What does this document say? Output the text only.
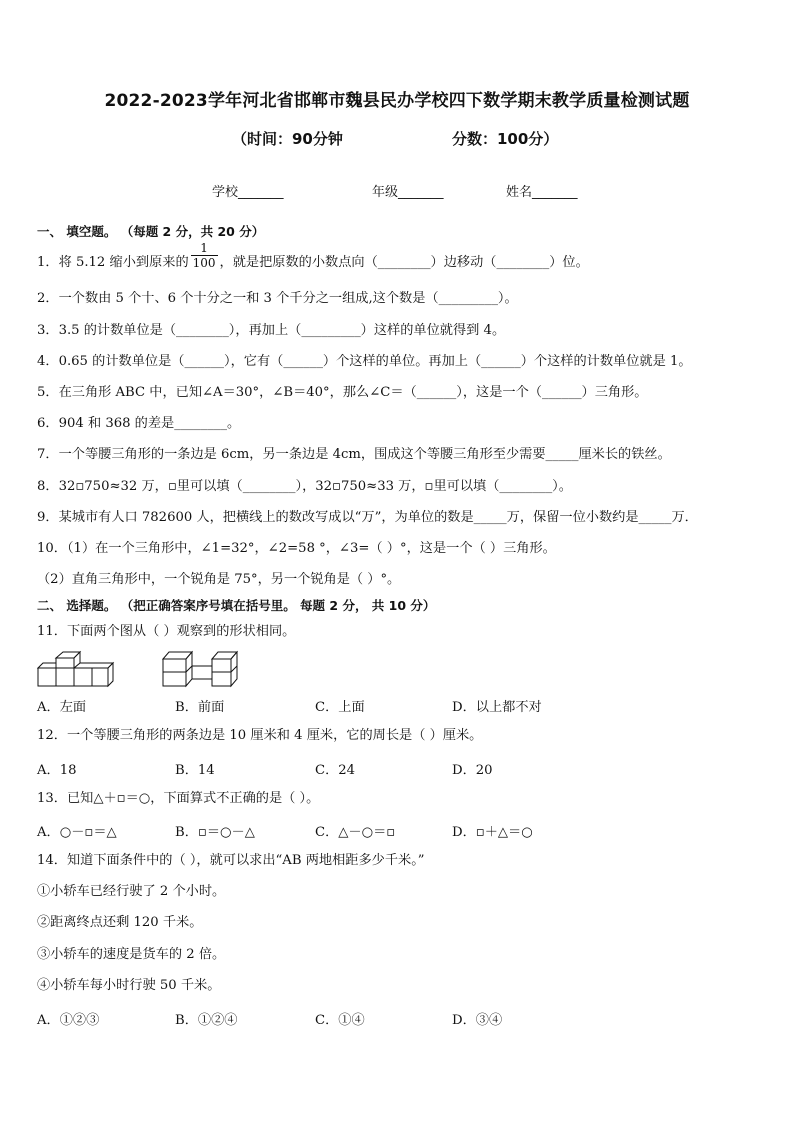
2022-2023学年河北省邯郸市魏县民办学校四下数学期末教学质量检测试题
（时间：90分钟	分数：100分）
学校_______	年级_______	姓名_______
一、 填空题。 （每题 2 分，共 20 分）
1．将 5.12 缩小到原来的 $\frac{1}{100}$ ，就是把原数的小数点向（________）边移动（________）位。
2．一个数由 5 个十、6 个十分之一和 3 个千分之一组成,这个数是（_________）。
3．3.5 的计数单位是（________），再加上（_________）这样的单位就得到 4。
4．0.65 的计数单位是（______），它有（______）个这样的单位。再加上（______）个这样的计数单位就是 1。
5．在三角形 ABC 中，已知∠A＝30°，∠B＝40°，那么∠C＝（______），这是一个（______）三角形。
6．904 和 368 的差是________。
7．一个等腰三角形的一条边是 6cm，另一条边是 4cm，围成这个等腰三角形至少需要_____厘米长的铁丝。
8．32▫750≈32 万，▫里可以填（________），32▫750≈33 万，▫里可以填（________）。
9．某城市有人口 782600 人，把横线上的数改写成以“万”，为单位的数是_____万，保留一位小数约是_____万．
10．（1）在一个三角形中，∠1=32°，∠2=58 °，∠3=（ ）°，这是一个（ ）三角形。
（2）直角三角形中，一个锐角是 75°，另一个锐角是（ ）°。
二、 选择题。 （把正确答案序号填在括号里。 每题 2 分， 共 10 分）
11．下面两个图从（ ）观察到的形状相同。
A．左面	B．前面	C．上面	D．以上都不对
12．一个等腰三角形的两条边是 10 厘米和 4 厘米，它的周长是（ ）厘米。
A．18	B．14	C．24	D．20
13．已知△＋▫＝○，下面算式不正确的是（ ）。
A．○－▫＝△	B．▫＝○－△	C．△－○＝▫	D．▫＋△＝○
14．知道下面条件中的（ ），就可以求出“AB 两地相距多少千米。”
①小轿车已经行驶了 2 个小时。
②距离终点还剩 120 千米。
③小轿车的速度是货车的 2 倍。
④小轿车每小时行驶 50 千米。
A．①②③	B．①②④	C．①④	D．③④
